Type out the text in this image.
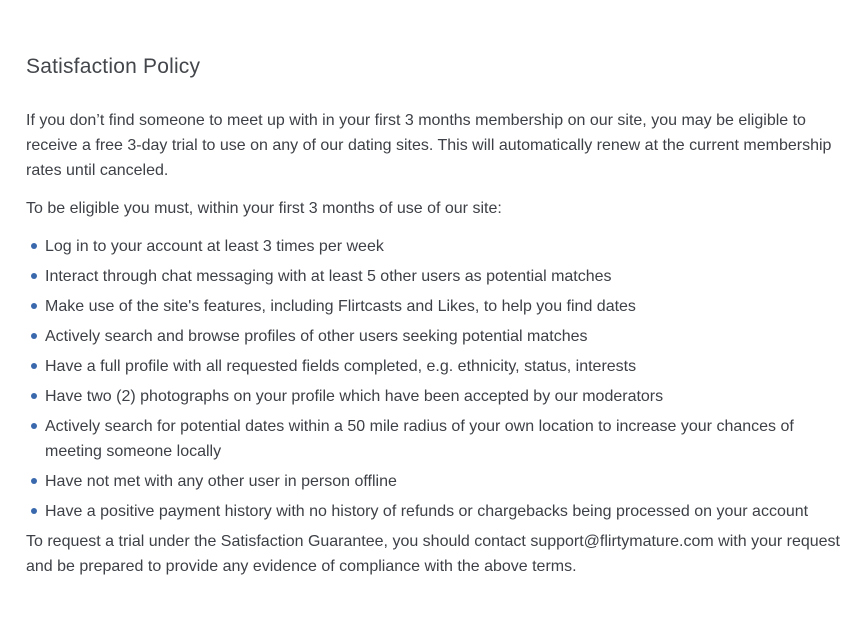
Satisfaction Policy

If you don’t find someone to meet up with in your first 3 months membership on our site, you may be eligible to receive a free 3-day trial to use on any of our dating sites. This will automatically renew at the current membership rates until canceled.

To be eligible you must, within your first 3 months of use of our site:

Log in to your account at least 3 times per week
Interact through chat messaging with at least 5 other users as potential matches
Make use of the site's features, including Flirtcasts and Likes, to help you find dates
Actively search and browse profiles of other users seeking potential matches
Have a full profile with all requested fields completed, e.g. ethnicity, status, interests
Have two (2) photographs on your profile which have been accepted by our moderators
Actively search for potential dates within a 50 mile radius of your own location to increase your chances of meeting someone locally
Have not met with any other user in person offline
Have a positive payment history with no history of refunds or chargebacks being processed on your account

To request a trial under the Satisfaction Guarantee, you should contact support@flirtymature.com with your request and be prepared to provide any evidence of compliance with the above terms.
